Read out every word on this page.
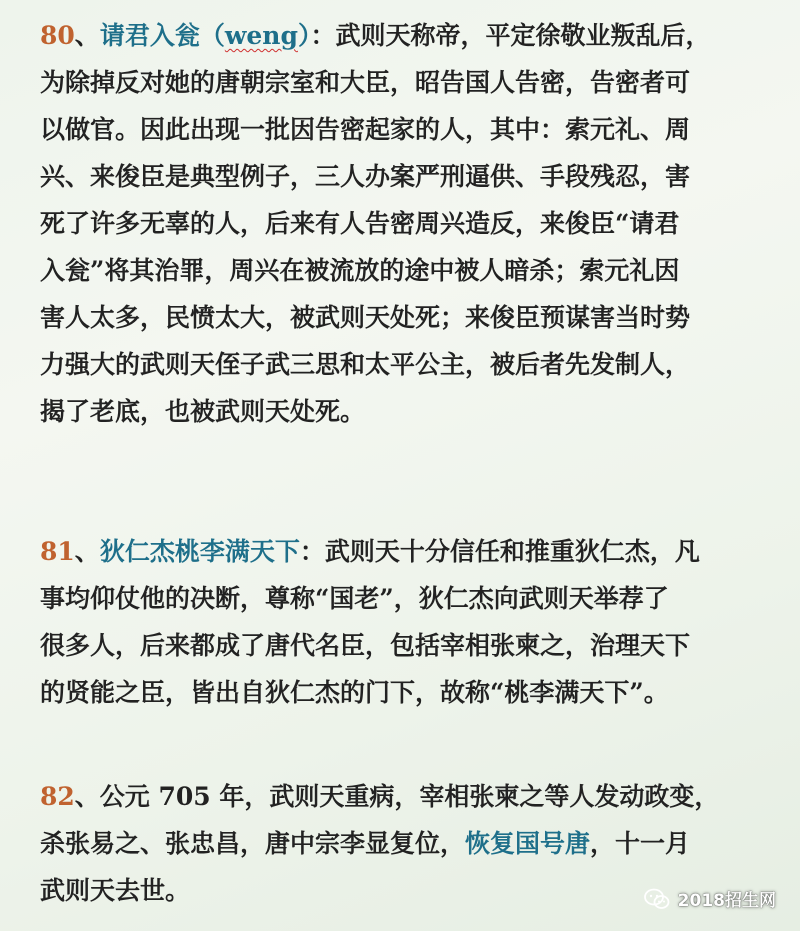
80、请君入瓮（weng）：武则天称帝，平定徐敬业叛乱后，
为除掉反对她的唐朝宗室和大臣，昭告国人告密，告密者可
以做官。因此出现一批因告密起家的人，其中：索元礼、周
兴、来俊臣是典型例子，三人办案严刑逼供、手段残忍，害
死了许多无辜的人，后来有人告密周兴造反，来俊臣“请君
入瓮”将其治罪，周兴在被流放的途中被人暗杀；索元礼因
害人太多，民愤太大，被武则天处死；来俊臣预谋害当时势
力强大的武则天侄子武三思和太平公主，被后者先发制人，
揭了老底，也被武则天处死。
81、狄仁杰桃李满天下：武则天十分信任和推重狄仁杰，凡
事均仰仗他的决断，尊称“国老”，狄仁杰向武则天举荐了
很多人，后来都成了唐代名臣，包括宰相张柬之，治理天下
的贤能之臣，皆出自狄仁杰的门下，故称“桃李满天下”。
82、公元 705 年，武则天重病，宰相张柬之等人发动政变，
杀张易之、张忠昌，唐中宗李显复位，恢复国号唐，十一月
武则天去世。	2018招生网
